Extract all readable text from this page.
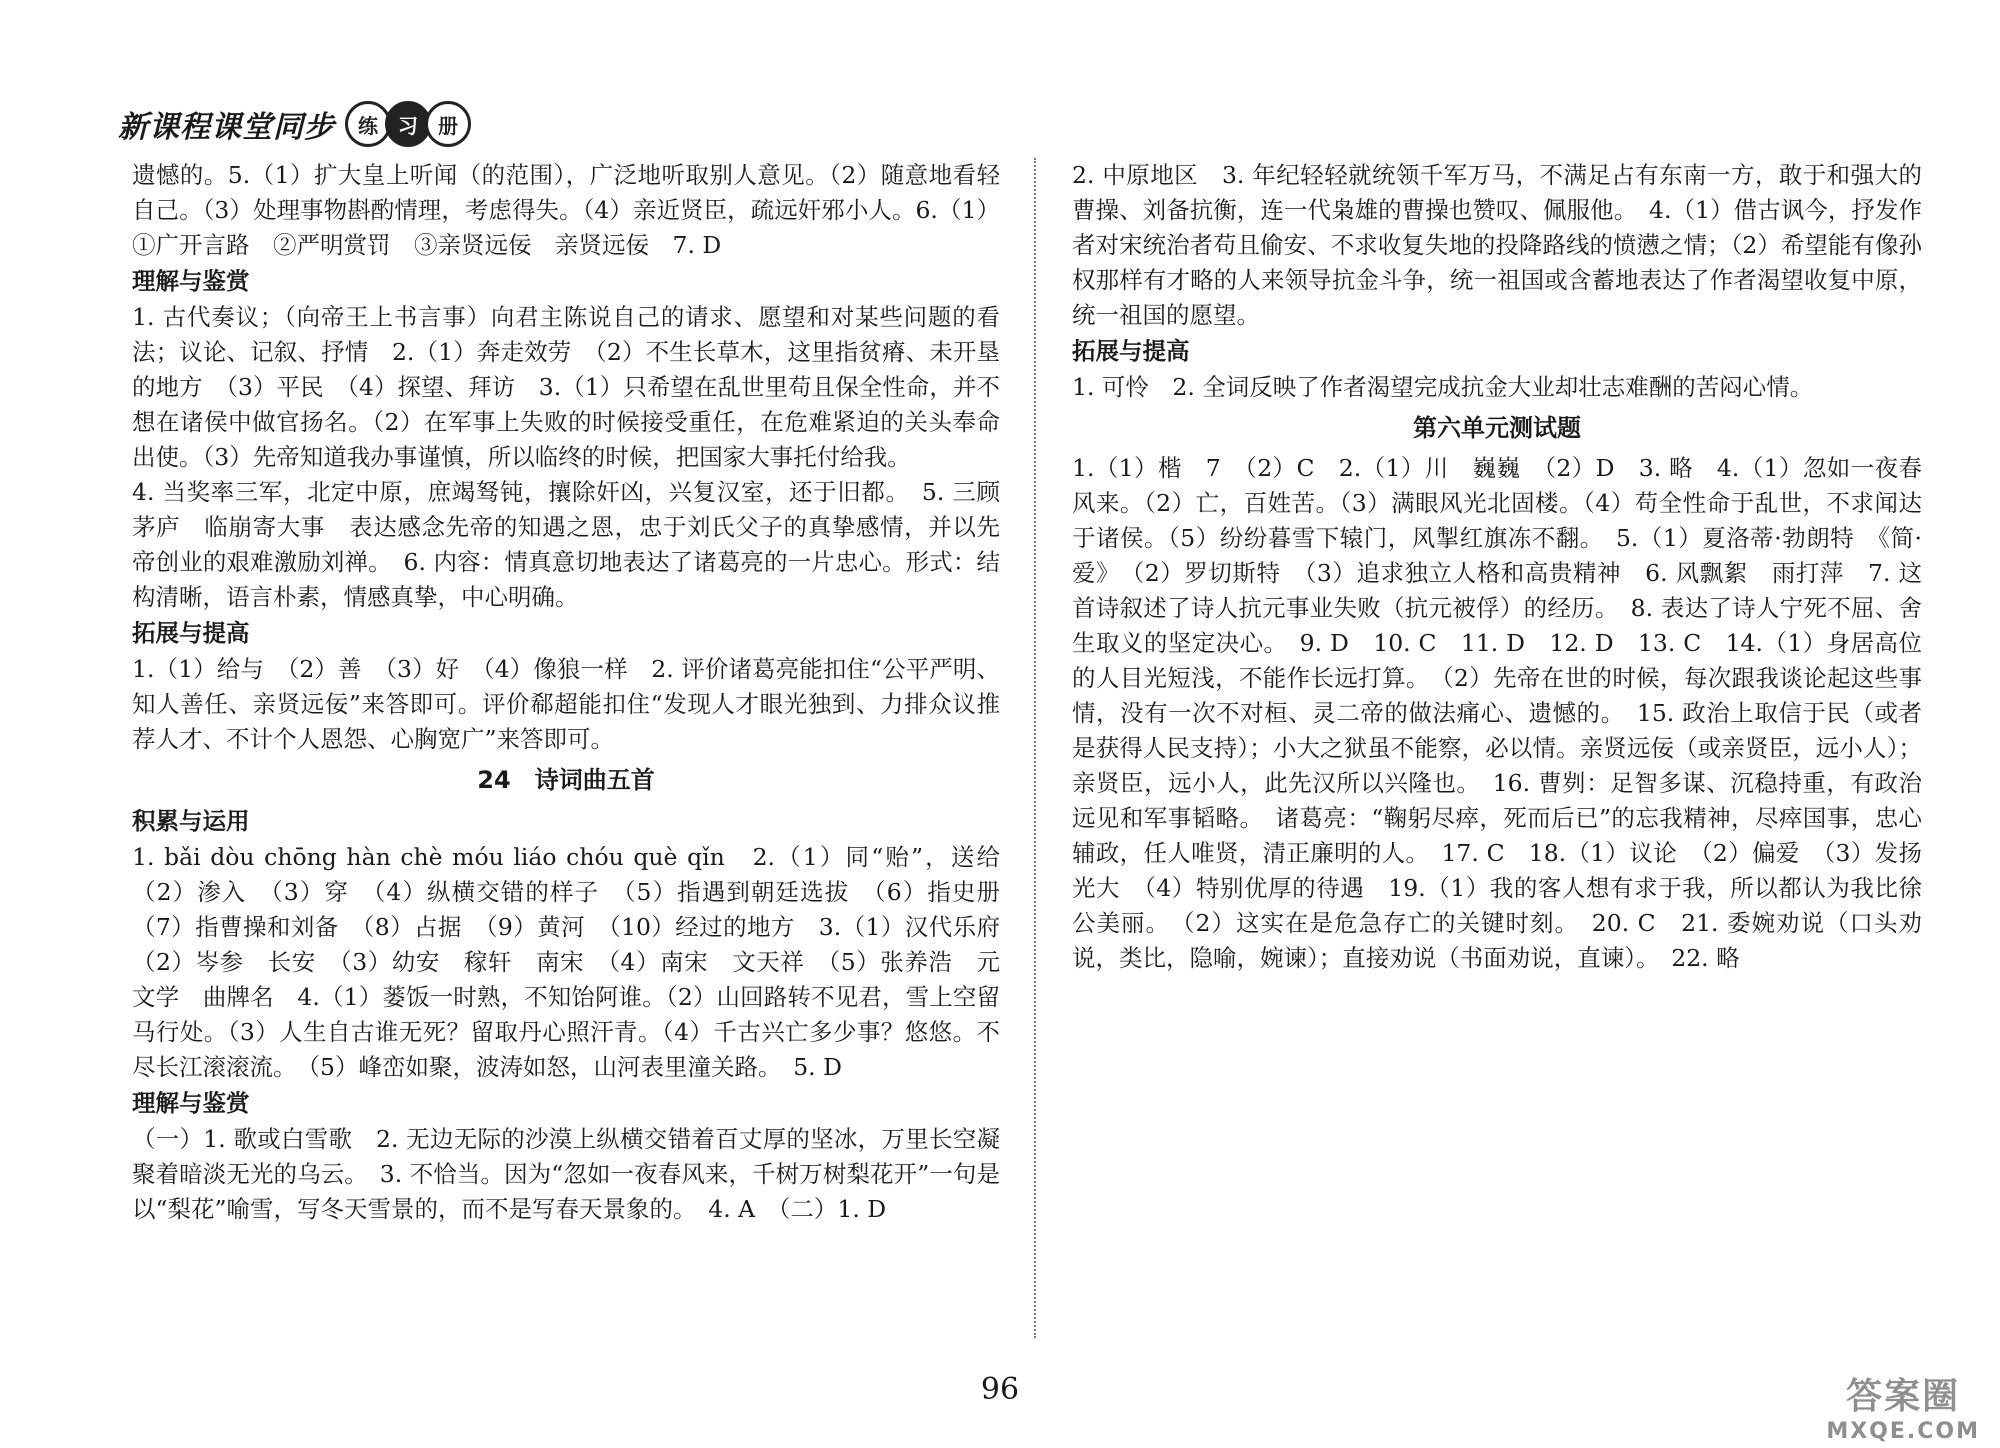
新课程课堂同步	练	习	册

遗憾的。5.（1）扩大皇上听闻（的范围），广泛地听取别人意见。（2）随意地看轻自己。（3）处理事物斟酌情理，考虑得失。（4）亲近贤臣，疏远奸邪小人。6.（1）①广开言路　②严明赏罚　③亲贤远佞　亲贤远佞　7. D

理解与鉴赏

1. 古代奏议；（向帝王上书言事）向君主陈说自己的请求、愿望和对某些问题的看法；议论、记叙、抒情　2.（1）奔走效劳　（2）不生长草木，这里指贫瘠、未开垦的地方　（3）平民　（4）探望、拜访　3.（1）只希望在乱世里苟且保全性命，并不想在诸侯中做官扬名。（2）在军事上失败的时候接受重任，在危难紧迫的关头奉命出使。（3）先帝知道我办事谨慎，所以临终的时候，把国家大事托付给我。

4. 当奖率三军，北定中原，庶竭驽钝，攘除奸凶，兴复汉室，还于旧都。　5. 三顾茅庐　临崩寄大事　表达感念先帝的知遇之恩，忠于刘氏父子的真挚感情，并以先帝创业的艰难激励刘禅。　6. 内容：情真意切地表达了诸葛亮的一片忠心。形式：结构清晰，语言朴素，情感真挚，中心明确。

拓展与提高

1.（1）给与　（2）善　（3）好　（4）像狼一样　2. 评价诸葛亮能扣住“公平严明、知人善任、亲贤远佞”来答即可。评价郗超能扣住“发现人才眼光独到、力排众议推荐人才、不计个人恩怨、心胸宽广”来答即可。

24　诗词曲五首
积累与运用

1. bǎi dòu chōng hàn chè móu liáo chóu què qǐn　2.（1）同“贻”，送给　（2）渗入　（3）穿　（4）纵横交错的样子　（5）指遇到朝廷选拔　（6）指史册　（7）指曹操和刘备　（8）占据　（9）黄河　（10）经过的地方　3.（1）汉代乐府　（2）岑参　长安　（3）幼安　稼轩　南宋　（4）南宋　文天祥　（5）张养浩　元　文学　曲牌名　4.（1）蒌饭一时熟，不知饴阿谁。（2）山回路转不见君，雪上空留马行处。（3）人生自古谁无死？留取丹心照汗青。（4）千古兴亡多少事？悠悠。不尽长江滚滚流。　（5）峰峦如聚，波涛如怒，山河表里潼关路。　5. D

理解与鉴赏

（一）1. 歌或白雪歌　2. 无边无际的沙漠上纵横交错着百丈厚的坚冰，万里长空凝聚着暗淡无光的乌云。　3. 不恰当。因为“忽如一夜春风来，千树万树梨花开”一句是以“梨花”喻雪，写冬天雪景的，而不是写春天景象的。　4. A　（二）1. D

2. 中原地区　3. 年纪轻轻就统领千军万马，不满足占有东南一方，敢于和强大的曹操、刘备抗衡，连一代枭雄的曹操也赞叹、佩服他。　4.（1）借古讽今，抒发作者对宋统治者苟且偷安、不求收复失地的投降路线的愤懑之情；（2）希望能有像孙权那样有才略的人来领导抗金斗争，统一祖国或含蓄地表达了作者渴望收复中原，统一祖国的愿望。

拓展与提高

1. 可怜　2. 全词反映了作者渴望完成抗金大业却壮志难酬的苦闷心情。

第六单元测试题

1.（1）楷　7　（2）C　2.（1）川　巍巍　（2）D　3. 略　4.（1）忽如一夜春风来。（2）亡，百姓苦。（3）满眼风光北固楼。（4）苟全性命于乱世，不求闻达于诸侯。（5）纷纷暮雪下辕门，风掣红旗冻不翻。　5.（1）夏洛蒂·勃朗特　《简·爱》　（2）罗切斯特　（3）追求独立人格和高贵精神　6. 风飘絮　雨打萍　7. 这首诗叙述了诗人抗元事业失败（抗元被俘）的经历。　8. 表达了诗人宁死不屈、舍生取义的坚定决心。　9. D　10. C　11. D　12. D　13. C　14.（1）身居高位的人目光短浅，不能作长远打算。　（2）先帝在世的时候，每次跟我谈论起这些事情，没有一次不对桓、灵二帝的做法痛心、遗憾的。　15. 政治上取信于民（或者是获得人民支持）；小大之狱虽不能察，必以情。亲贤远佞（或亲贤臣，远小人）；亲贤臣，远小人，此先汉所以兴隆也。　16. 曹刿：足智多谋、沉稳持重，有政治远见和军事韬略。　诸葛亮：“鞠躬尽瘁，死而后已”的忘我精神，尽瘁国事，忠心辅政，任人唯贤，清正廉明的人。　17. C　18.（1）议论　（2）偏爱　（3）发扬光大　（4）特别优厚的待遇　19.（1）我的客人想有求于我，所以都认为我比徐公美丽。　（2）这实在是危急存亡的关键时刻。　20. C　21. 委婉劝说（口头劝说，类比，隐喻，婉谏）；直接劝说（书面劝说，直谏）。　22. 略

96	答案圈
MXQE.COM
